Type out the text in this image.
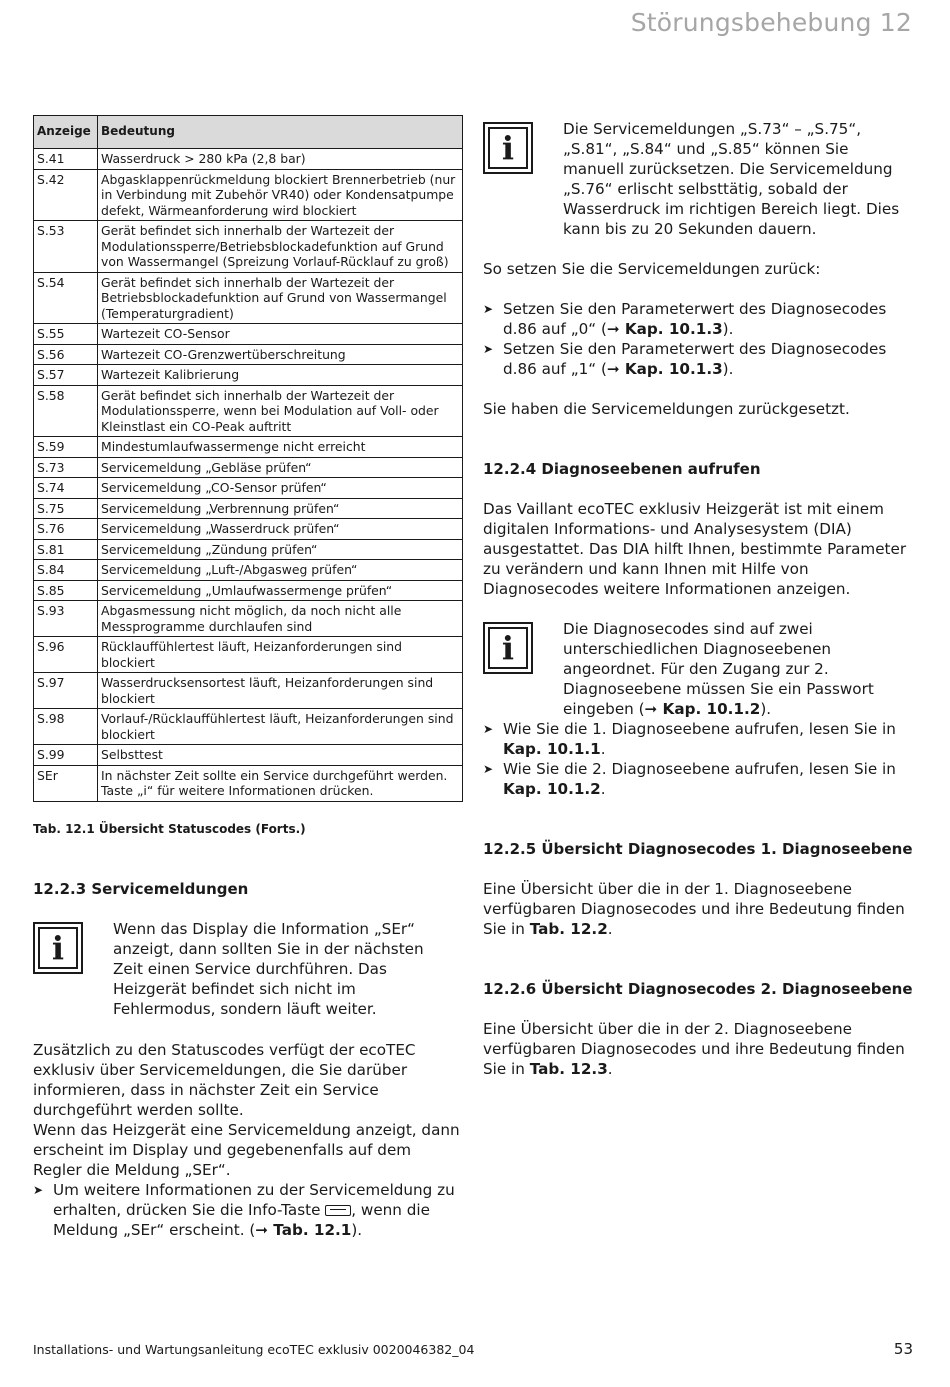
Störungsbehebung 12
Anzeige	Bedeutung
S.41	Wasserdruck > 280 kPa (2,8 bar)
S.42	Abgasklappenrückmeldung blockiert Brennerbetrieb (nur in Verbindung mit Zubehör VR40) oder Kondensatpumpe defekt, Wärmeanforderung wird blockiert
S.53	Gerät befindet sich innerhalb der Wartezeit der Modulationssperre/Betriebsblockadefunktion auf Grund von Wassermangel (Spreizung Vorlauf-Rücklauf zu groß)
S.54	Gerät befindet sich innerhalb der Wartezeit der Betriebsblockadefunktion auf Grund von Wassermangel (Temperaturgradient)
S.55	Wartezeit CO-Sensor
S.56	Wartezeit CO-Grenzwertüberschreitung
S.57	Wartezeit Kalibrierung
S.58	Gerät befindet sich innerhalb der Wartezeit der Modulationssperre, wenn bei Modulation auf Voll- oder Kleinstlast ein CO-Peak auftritt
S.59	Mindestumlaufwassermenge nicht erreicht
S.73	Servicemeldung „Gebläse prüfen“
S.74	Servicemeldung „CO-Sensor prüfen“
S.75	Servicemeldung „Verbrennung prüfen“
S.76	Servicemeldung „Wasserdruck prüfen“
S.81	Servicemeldung „Zündung prüfen“
S.84	Servicemeldung „Luft-/Abgasweg prüfen“
S.85	Servicemeldung „Umlaufwassermenge prüfen“
S.93	Abgasmessung nicht möglich, da noch nicht alle Messprogramme durchlaufen sind
S.96	Rücklauffühlertest läuft, Heizanforderungen sind blockiert
S.97	Wasserdrucksensortest läuft, Heizanforderungen sind blockiert
S.98	Vorlauf-/Rücklauffühlertest läuft, Heizanforderungen sind blockiert
S.99	Selbsttest
SEr	In nächster Zeit sollte ein Service durchgeführt werden. Taste „i“ für weitere Informationen drücken.
Tab. 12.1 Übersicht Statuscodes (Forts.)
12.2.3 Servicemeldungen
i	Wenn das Display die Information „SEr“ anzeigt, dann sollten Sie in der nächsten Zeit einen Service durchführen. Das Heizgerät befindet sich nicht im Fehlermodus, sondern läuft weiter.

Zusätzlich zu den Statuscodes verfügt der ecoTEC exklusiv über Servicemeldungen, die Sie darüber informieren, dass in nächster Zeit ein Service durchgeführt werden sollte.

Wenn das Heizgerät eine Servicemeldung anzeigt, dann erscheint im Display und gegebenenfalls auf dem Regler die Meldung „SEr“.

➤ Um weitere Informationen zu der Servicemeldung zu erhalten, drücken Sie die Info-Taste , wenn die Meldung „SEr“ erscheint. (➞ Tab. 12.1).
i	Die Servicemeldungen „S.73“ – „S.75“, „S.81“, „S.84“ und „S.85“ können Sie manuell zurücksetzen. Die Servicemeldung „S.76“ erlischt selbsttätig, sobald der Wasserdruck im richtigen Bereich liegt. Dies kann bis zu 20 Sekunden dauern.

So setzen Sie die Servicemeldungen zurück:

➤ Setzen Sie den Parameterwert des Diagnosecodes d.86 auf „0“ (➞ Kap. 10.1.3).
➤ Setzen Sie den Parameterwert des Diagnosecodes d.86 auf „1“ (➞ Kap. 10.1.3).

Sie haben die Servicemeldungen zurückgesetzt.

12.2.4 Diagnoseebenen aufrufen

Das Vaillant ecoTEC exklusiv Heizgerät ist mit einem digitalen Informations- und Analysesystem (DIA) ausgestattet. Das DIA hilft Ihnen, bestimmte Parameter zu verändern und kann Ihnen mit Hilfe von Diagnosecodes weitere Informationen anzeigen.

i	Die Diagnosecodes sind auf zwei unterschiedlichen Diagnoseebenen angeordnet. Für den Zugang zur 2. Diagnoseebene müssen Sie ein Passwort eingeben (➞ Kap. 10.1.2).

➤ Wie Sie die 1. Diagnoseebene aufrufen, lesen Sie in Kap. 10.1.1.
➤ Wie Sie die 2. Diagnoseebene aufrufen, lesen Sie in Kap. 10.1.2.
12.2.5 Übersicht Diagnosecodes 1. Diagnoseebene

Eine Übersicht über die in der 1. Diagnoseebene verfügbaren Diagnosecodes und ihre Bedeutung finden Sie in Tab. 12.2.

12.2.6 Übersicht Diagnosecodes 2. Diagnoseebene

Eine Übersicht über die in der 2. Diagnoseebene verfügbaren Diagnosecodes und ihre Bedeutung finden Sie in Tab. 12.3.

Installations- und Wartungsanleitung ecoTEC exklusiv 0020046382_04	53
